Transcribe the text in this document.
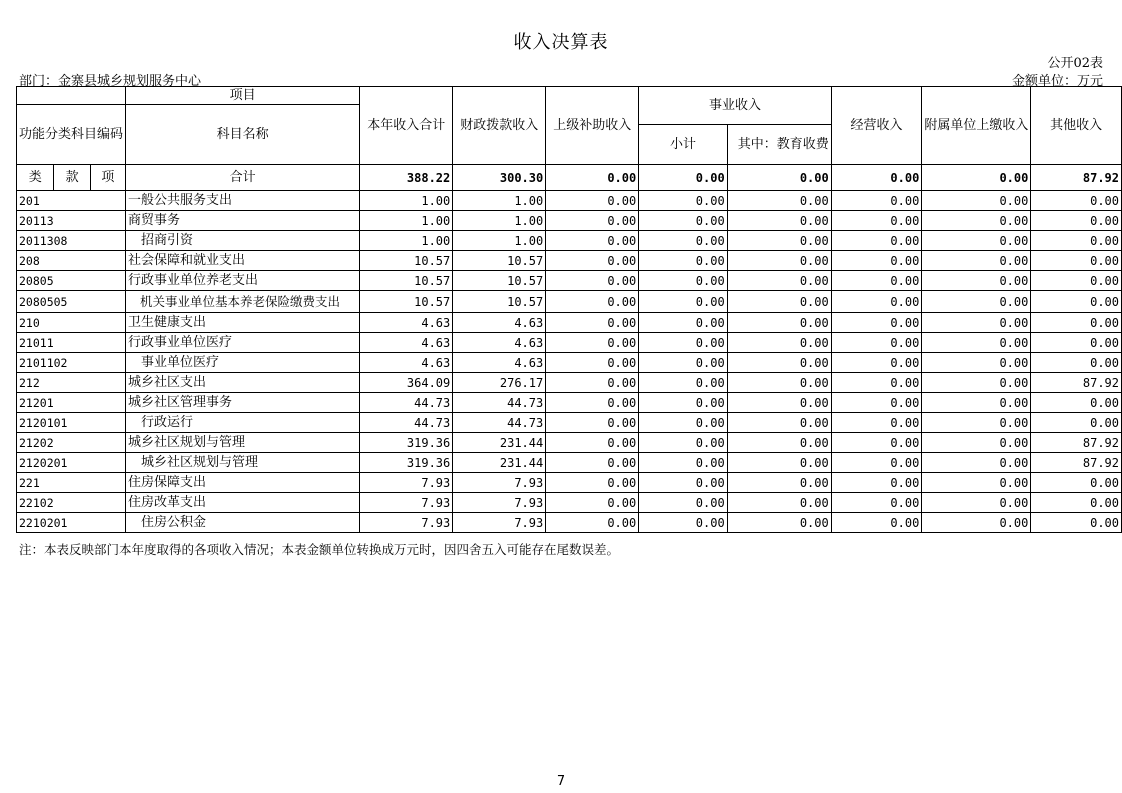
收入决算表
公开02表
部门：金寨县城乡规划服务中心	金额单位：万元
			项目	本年收入合计	财政拨款收入	上级补助收入	事业收入		经营收入	附属单位上缴收入	其他收入
功能分类科目编码			科目名称								
							小计	其中：教育收费			
类	款	项	合计	388.22	300.30	0.00	0.00	0.00	0.00	0.00	87.92
201			一般公共服务支出	1.00	1.00	0.00	0.00	0.00	0.00	0.00	0.00
20113			商贸事务	1.00	1.00	0.00	0.00	0.00	0.00	0.00	0.00
2011308			招商引资	1.00	1.00	0.00	0.00	0.00	0.00	0.00	0.00
208			社会保障和就业支出	10.57	10.57	0.00	0.00	0.00	0.00	0.00	0.00
20805			行政事业单位养老支出	10.57	10.57	0.00	0.00	0.00	0.00	0.00	0.00
2080505			机关事业单位基本养老保险缴费支出	10.57	10.57	0.00	0.00	0.00	0.00	0.00	0.00
210			卫生健康支出	4.63	4.63	0.00	0.00	0.00	0.00	0.00	0.00
21011			行政事业单位医疗	4.63	4.63	0.00	0.00	0.00	0.00	0.00	0.00
2101102			事业单位医疗	4.63	4.63	0.00	0.00	0.00	0.00	0.00	0.00
212			城乡社区支出	364.09	276.17	0.00	0.00	0.00	0.00	0.00	87.92
21201			城乡社区管理事务	44.73	44.73	0.00	0.00	0.00	0.00	0.00	0.00
2120101			行政运行	44.73	44.73	0.00	0.00	0.00	0.00	0.00	0.00
21202			城乡社区规划与管理	319.36	231.44	0.00	0.00	0.00	0.00	0.00	87.92
2120201			城乡社区规划与管理	319.36	231.44	0.00	0.00	0.00	0.00	0.00	87.92
221			住房保障支出	7.93	7.93	0.00	0.00	0.00	0.00	0.00	0.00
22102			住房改革支出	7.93	7.93	0.00	0.00	0.00	0.00	0.00	0.00
2210201			住房公积金	7.93	7.93	0.00	0.00	0.00	0.00	0.00	0.00
注：本表反映部门本年度取得的各项收入情况；本表金额单位转换成万元时，因四舍五入可能存在尾数误差。
7
